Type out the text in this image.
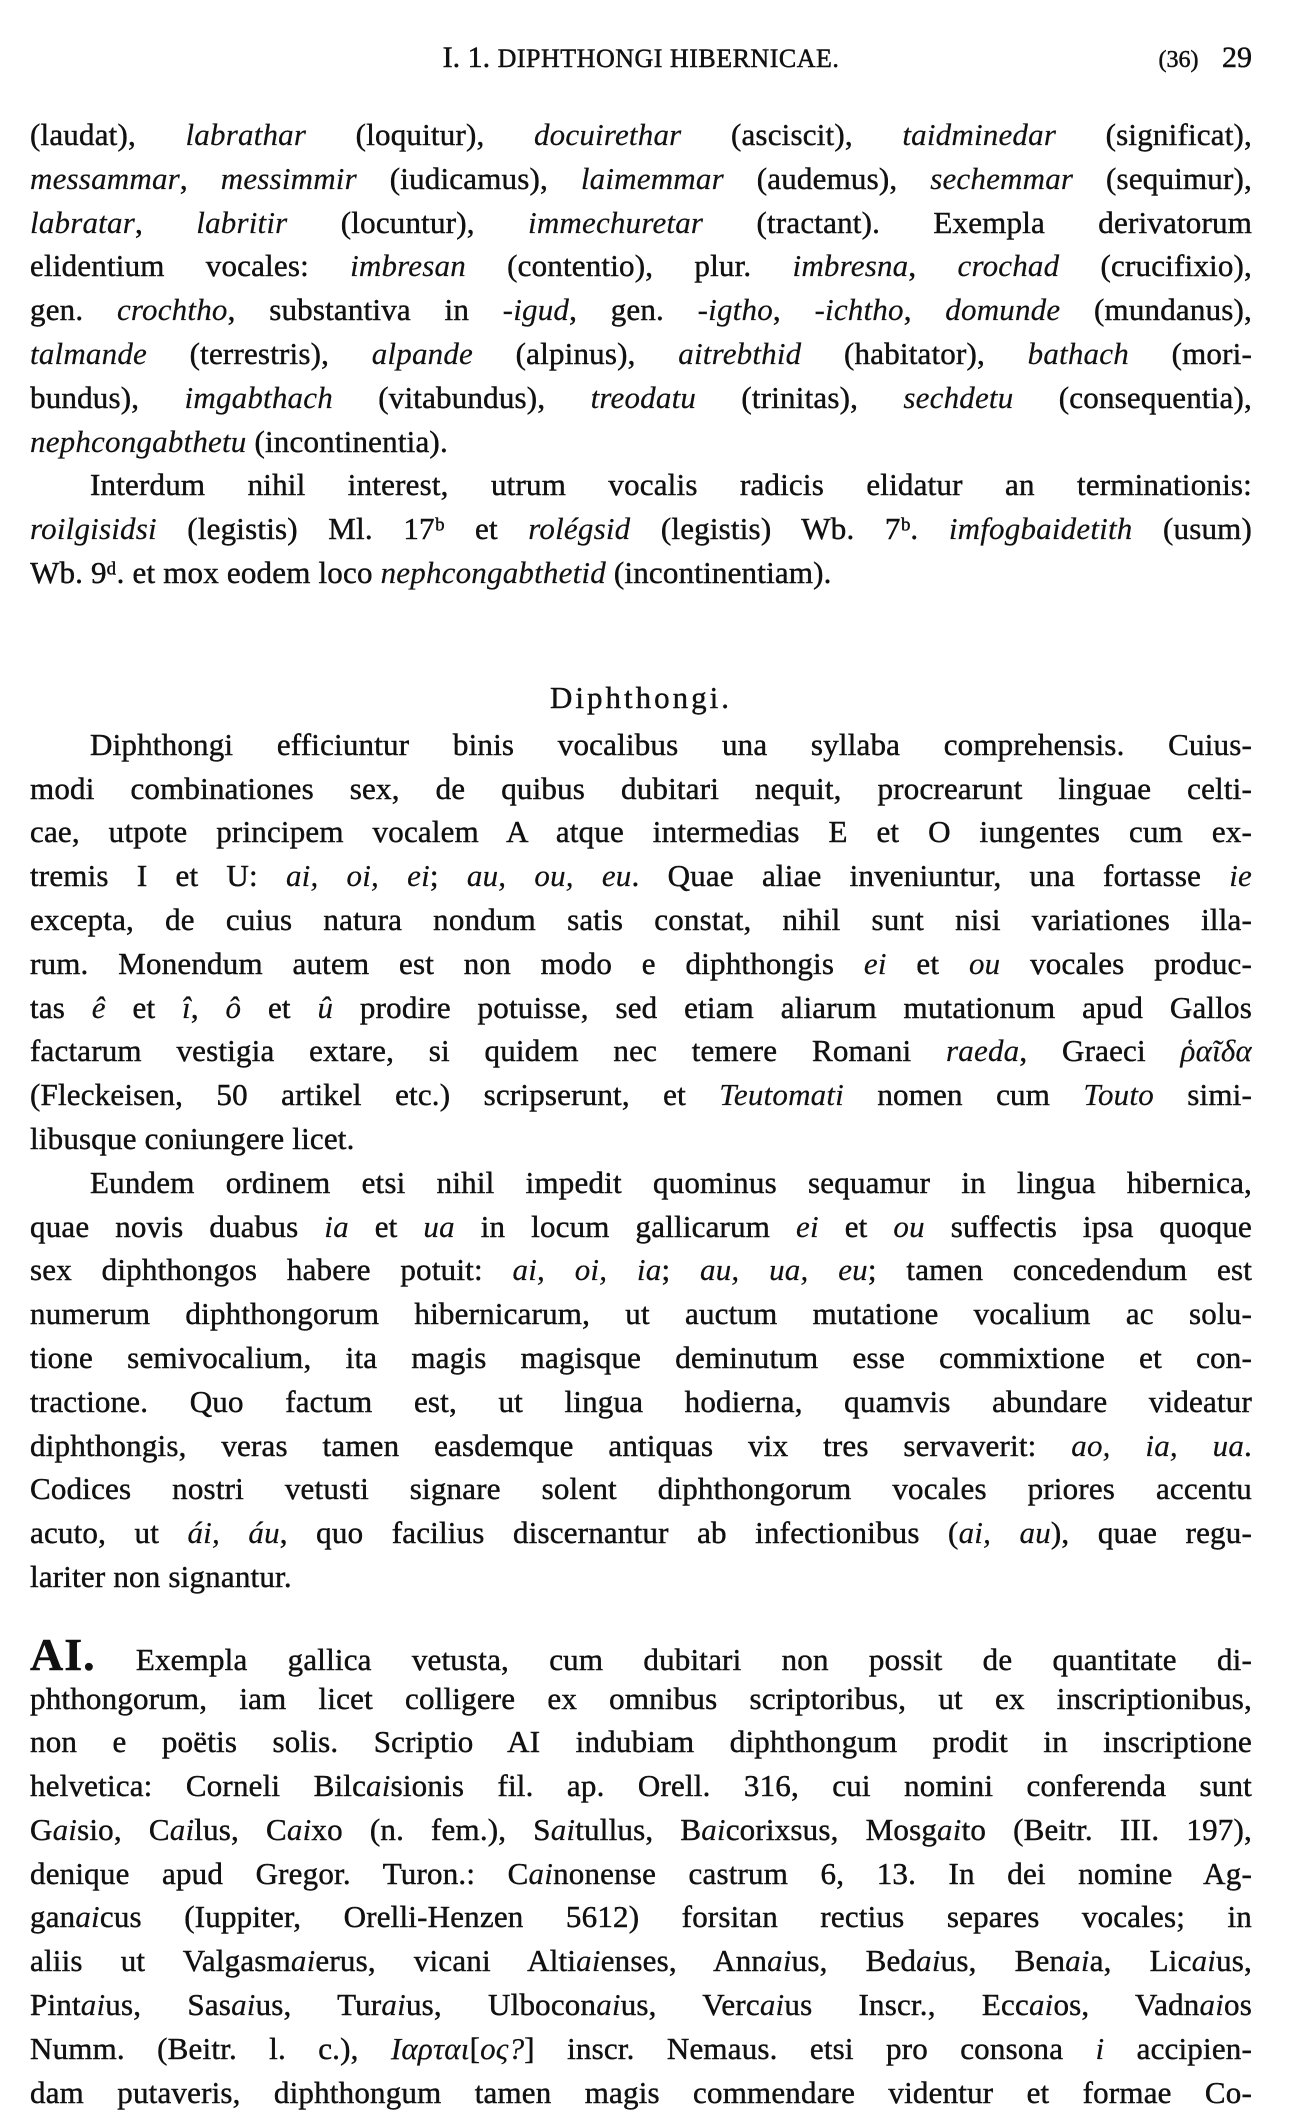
I. 1. DIPHTHONGI HIBERNICAE.	(36) 29
(laudat), labrathar (loquitur), docuirethar (asciscit), taidminedar (significat),
messammar, messimmir (iudicamus), laimemmar (audemus), sechemmar (sequimur),
labratar, labritir (locuntur), immechuretar (tractant). Exempla derivatorum
elidentium vocales: imbresan (contentio), plur. imbresna, crochad (crucifixio),
gen. crochtho, substantiva in -igud, gen. -igtho, -ichtho, domunde (mundanus),
talmande (terrestris), alpande (alpinus), aitrebthid (habitator), bathach (mori-
bundus), imgabthach (vitabundus), treodatu (trinitas), sechdetu (consequentia),
nephcongabthetu (incontinentia).
Interdum nihil interest, utrum vocalis radicis elidatur an terminationis:
roilgisidsi (legistis) Ml. 17ᵇ et rolégsid (legistis) Wb. 7ᵇ. imfogbaidetith (usum)
Wb. 9ᵈ. et mox eodem loco nephcongabthetid (incontinentiam).
Diphthongi.
Diphthongi efficiuntur binis vocalibus una syllaba comprehensis. Cuius-
modi combinationes sex, de quibus dubitari nequit, procrearunt linguae celti-
cae, utpote principem vocalem A atque intermedias E et O iungentes cum ex-
tremis I et U: ai, oi, ei; au, ou, eu. Quae aliae inveniuntur, una fortasse ie
excepta, de cuius natura nondum satis constat, nihil sunt nisi variationes illa-
rum. Monendum autem est non modo e diphthongis ei et ou vocales produc-
tas ê et î, ô et û prodire potuisse, sed etiam aliarum mutationum apud Gallos
factarum vestigia extare, si quidem nec temere Romani raeda, Graeci ῥαῖδα
(Fleckeisen, 50 artikel etc.) scripserunt, et Teutomati nomen cum Touto simi-
libusque coniungere licet.
Eundem ordinem etsi nihil impedit quominus sequamur in lingua hibernica,
quae novis duabus ia et ua in locum gallicarum ei et ou suffectis ipsa quoque
sex diphthongos habere potuit: ai, oi, ia; au, ua, eu; tamen concedendum est
numerum diphthongorum hibernicarum, ut auctum mutatione vocalium ac solu-
tione semivocalium, ita magis magisque deminutum esse commixtione et con-
tractione. Quo factum est, ut lingua hodierna, quamvis abundare videatur
diphthongis, veras tamen easdemque antiquas vix tres servaverit: ao, ia, ua.
Codices nostri vetusti signare solent diphthongorum vocales priores accentu
acuto, ut ái, áu, quo facilius discernantur ab infectionibus (ai, au), quae regu-
lariter non signantur.
AI. Exempla gallica vetusta, cum dubitari non possit de quantitate di-
phthongorum, iam licet colligere ex omnibus scriptoribus, ut ex inscriptionibus,
non e poëtis solis. Scriptio AI indubiam diphthongum prodit in inscriptione
helvetica: Corneli Bilcaisionis fil. ap. Orell. 316, cui nomini conferenda sunt
Gaisio, Cailus, Caixo (n. fem.), Saitullus, Baicorixsus, Mosgaito (Beitr. III. 197),
denique apud Gregor. Turon.: Cainonense castrum 6, 13. In dei nomine Ag-
ganaicus (Iuppiter, Orelli-Henzen 5612) forsitan rectius separes vocales; in
aliis ut Valgasmaierus, vicani Altiaienses, Annaius, Bedaius, Benaia, Licaius,
Pintaius, Sasaius, Turaius, Ulboconaius, Vercaius Inscr., Eccaios, Vadnaios
Numm. (Beitr. l. c.), Ιαρται[ος?] inscr. Nemaus. etsi pro consona i accipien-
dam putaveris, diphthongum tamen magis commendare videntur et formae Co-
